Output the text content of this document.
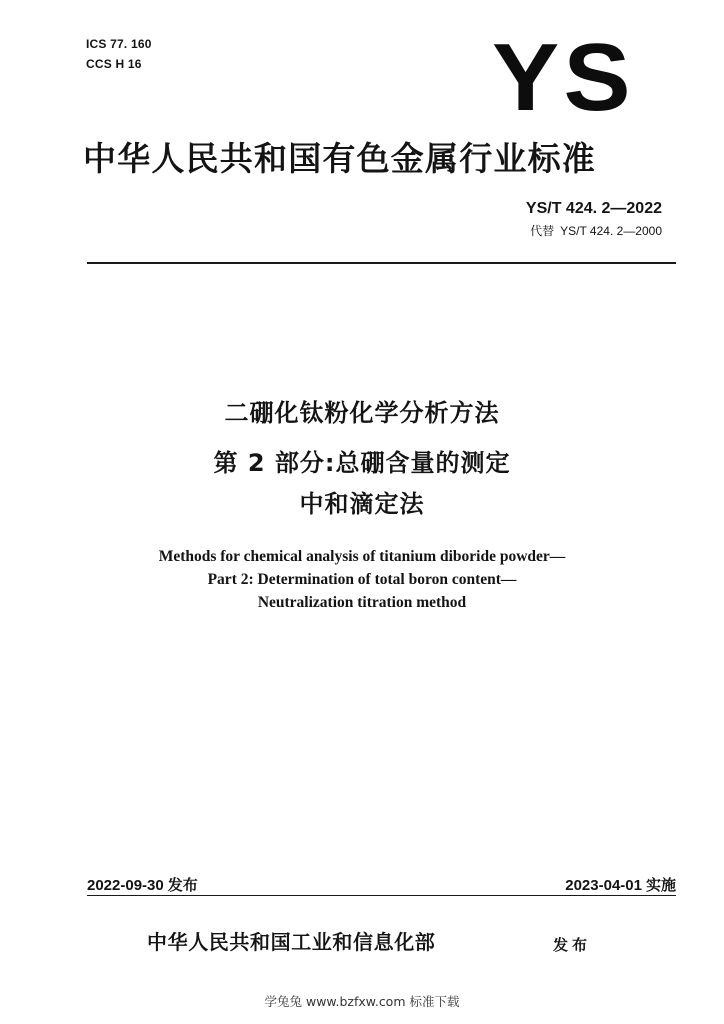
ICS 77. 160
CCS H 16	YS
中华人民共和国有色金属行业标准
YS/T 424. 2—2022
代替 YS/T 424. 2—2000
二硼化钛粉化学分析方法
第 2 部分:总硼含量的测定
中和滴定法
Methods for chemical analysis of titanium diboride powder—
Part 2: Determination of total boron content—
Neutralization titration method
2022-09-30 发布	2023-04-01 实施
中华人民共和国工业和信息化部	发布
学兔兔 www.bzfxw.com 标准下载
